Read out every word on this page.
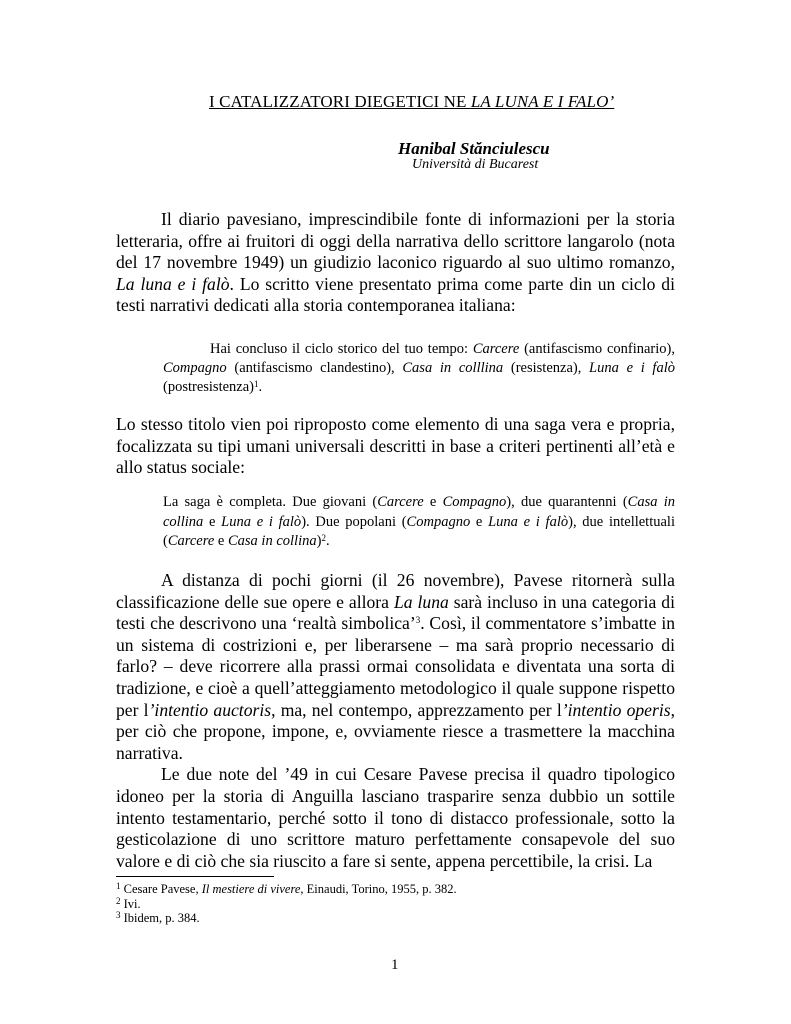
I CATALIZZATORI DIEGETICI NE LA LUNA E I FALO’
Hanibal Stănciulescu
Università di Bucarest

Il diario pavesiano, imprescindibile fonte di informazioni per la storia letteraria, offre ai fruitori di oggi della narrativa dello scrittore langarolo (nota del 17 novembre 1949) un giudizio laconico riguardo al suo ultimo romanzo, La luna e i falò. Lo scritto viene presentato prima come parte din un ciclo di testi narrativi dedicati alla storia contemporanea italiana:

Hai concluso il ciclo storico del tuo tempo: Carcere (antifascismo confinario), Compagno (antifascismo clandestino), Casa in colllina (resistenza), Luna e i falò (postresistenza)$^1$.

Lo stesso titolo vien poi riproposto come elemento di una saga vera e propria, focalizzata su tipi umani universali descritti in base a criteri pertinenti all’età e allo status sociale:

La saga è completa. Due giovani (Carcere e Compagno), due quarantenni (Casa in collina e Luna e i falò). Due popolani (Compagno e Luna e i falò), due intellettuali (Carcere e Casa in collina)$^2$.

A distanza di pochi giorni (il 26 novembre), Pavese ritornerà sulla classificazione delle sue opere e allora La luna sarà incluso in una categoria di testi che descrivono una ‘realtà simbolica’$^3$. Così, il commentatore s’imbatte in un sistema di costrizioni e, per liberarsene – ma sarà proprio necessario di farlo? – deve ricorrere alla prassi ormai consolidata e diventata una sorta di tradizione, e cioè a quell’atteggiamento metodologico il quale suppone rispetto per l’intentio auctoris, ma, nel contempo, apprezzamento per l’intentio operis, per ciò che propone, impone, e, ovviamente riesce a trasmettere la macchina narrativa.

Le due note del ’49 in cui Cesare Pavese precisa il quadro tipologico idoneo per la storia di Anguilla lasciano trasparire senza dubbio un sottile intento testamentario, perché sotto il tono di distacco professionale, sotto la gesticolazione di uno scrittore maturo perfettamente consapevole del suo valore e di ciò che sia riuscito a fare si sente, appena percettibile, la crisi. La

$^1$ Cesare Pavese, Il mestiere di vivere, Einaudi, Torino, 1955, p. 382.
$^2$ Ivi.
$^3$ Ibidem, p. 384.
1
